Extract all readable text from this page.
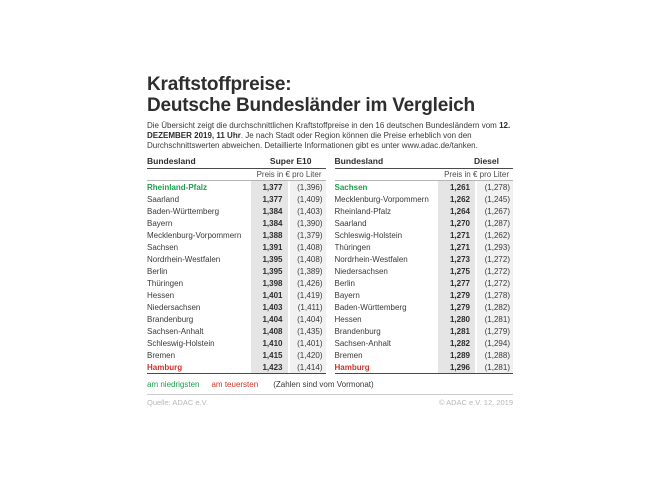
Kraftstoffpreise:
Deutsche Bundesländer im Vergleich

Die Übersicht zeigt die durchschnittlichen Kraftstoffpreise in den 16 deutschen Bundesländern vom 12. DEZEMBER 2019, 11 Uhr. Je nach Stadt oder Region können die Preise erheblich von den Durchschnittswerten abweichen. Detaillierte Informationen gibt es unter www.adac.de/tanken.

Bundesland	Super E10
Preis in € pro Liter
Rheinland-Pfalz	1,377	(1,396)
Saarland	1,377	(1,409)
Baden-Württemberg	1,384	(1,403)
Bayern	1,384	(1,390)
Mecklenburg-Vorpommern	1,388	(1,379)
Sachsen	1,391	(1,408)
Nordrhein-Westfalen	1,395	(1,408)
Berlin	1,395	(1,389)
Thüringen	1,398	(1,426)
Hessen	1,401	(1,419)
Niedersachsen	1,403	(1,411)
Brandenburg	1,404	(1,404)
Sachsen-Anhalt	1,408	(1,435)
Schleswig-Holstein	1,410	(1,401)
Bremen	1,415	(1,420)
Hamburg	1,423	(1,414)
Bundesland	Diesel
Preis in € pro Liter
Sachsen	1,261	(1,278)
Mecklenburg-Vorpommern	1,262	(1,245)
Rheinland-Pfalz	1,264	(1,267)
Saarland	1,270	(1,287)
Schleswig-Holstein	1,271	(1,262)
Thüringen	1,271	(1,293)
Nordrhein-Westfalen	1,273	(1,272)
Niedersachsen	1,275	(1,272)
Berlin	1,277	(1,272)
Bayern	1,279	(1,278)
Baden-Württemberg	1,279	(1,282)
Hessen	1,280	(1,281)
Brandenburg	1,281	(1,279)
Sachsen-Anhalt	1,282	(1,294)
Bremen	1,289	(1,288)
Hamburg	1,296	(1,281)
am niedrigsten am teuersten (Zahlen sind vom Vormonat)
Quelle: ADAC e.V.	© ADAC e.V. 12. 2019
